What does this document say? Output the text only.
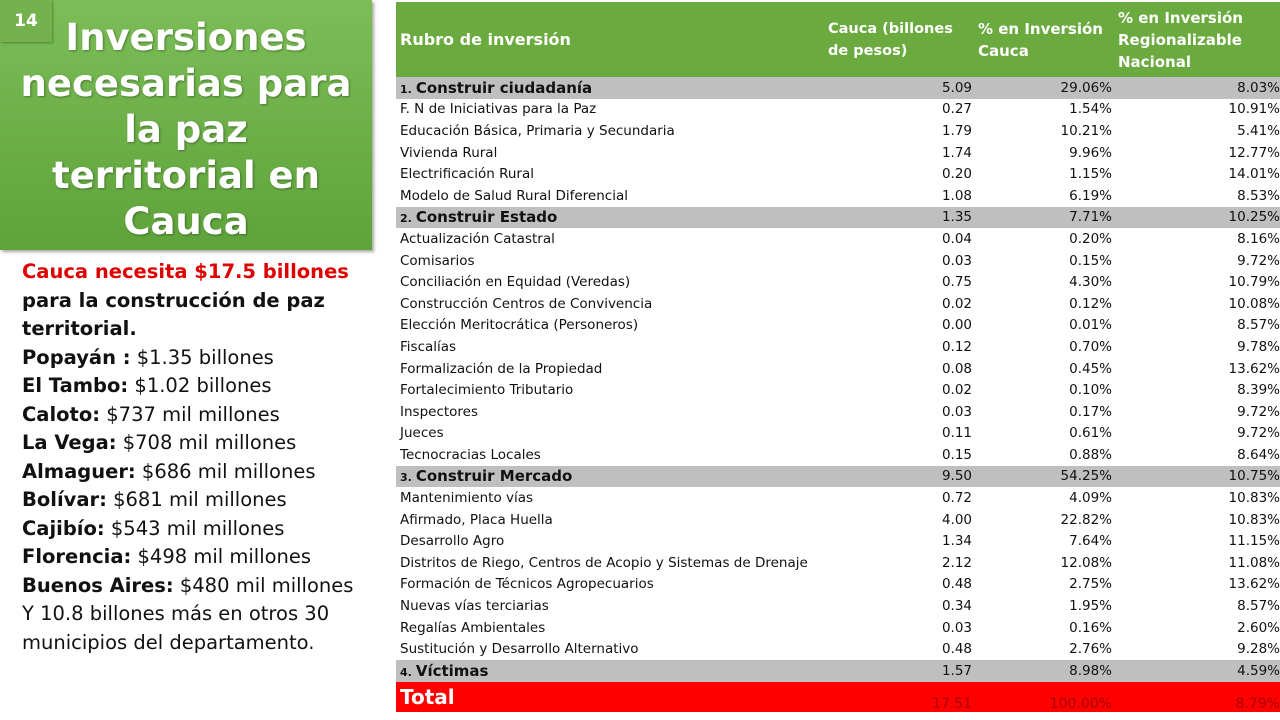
Inversiones necesarias para la paz territorial en Cauca
14
Cauca necesita $17.5 billones
para la construcción de paz territorial.
Popayán : $1.35 billones
El Tambo: $1.02 billones
Caloto: $737 mil millones
La Vega: $708 mil millones
Almaguer: $686 mil millones
Bolívar: $681 mil millones
Cajibío: $543 mil millones
Florencia: $498 mil millones
Buenos Aires: $480 mil millones
Y 10.8 billones más en otros 30 municipios del departamento.
Rubro de inversión	Cauca (billones de pesos)	% en Inversión Cauca	% en Inversión Regionalizable Nacional
1. Construir ciudadanía	5.09	29.06%	8.03%
F. N de Iniciativas para la Paz	0.27	1.54%	10.91%
Educación Básica, Primaria y Secundaria	1.79	10.21%	5.41%
Vivienda Rural	1.74	9.96%	12.77%
Electrificación Rural	0.20	1.15%	14.01%
Modelo de Salud Rural Diferencial	1.08	6.19%	8.53%
2. Construir Estado	1.35	7.71%	10.25%
Actualización Catastral	0.04	0.20%	8.16%
Comisarios	0.03	0.15%	9.72%
Conciliación en Equidad (Veredas)	0.75	4.30%	10.79%
Construcción Centros de Convivencia	0.02	0.12%	10.08%
Elección Meritocrática (Personeros)	0.00	0.01%	8.57%
Fiscalías	0.12	0.70%	9.78%
Formalización de la Propiedad	0.08	0.45%	13.62%
Fortalecimiento Tributario	0.02	0.10%	8.39%
Inspectores	0.03	0.17%	9.72%
Jueces	0.11	0.61%	9.72%
Tecnocracias Locales	0.15	0.88%	8.64%
3. Construir Mercado	9.50	54.25%	10.75%
Mantenimiento vías	0.72	4.09%	10.83%
Afirmado, Placa Huella	4.00	22.82%	10.83%
Desarrollo Agro	1.34	7.64%	11.15%
Distritos de Riego, Centros de Acopio y Sistemas de Drenaje	2.12	12.08%	11.08%
Formación de Técnicos Agropecuarios	0.48	2.75%	13.62%
Nuevas vías terciarias	0.34	1.95%	8.57%
Regalías Ambientales	0.03	0.16%	2.60%
Sustitución y Desarrollo Alternativo	0.48	2.76%	9.28%
4. Víctimas	1.57	8.98%	4.59%
Total	17.51	100.00%	8.79%
